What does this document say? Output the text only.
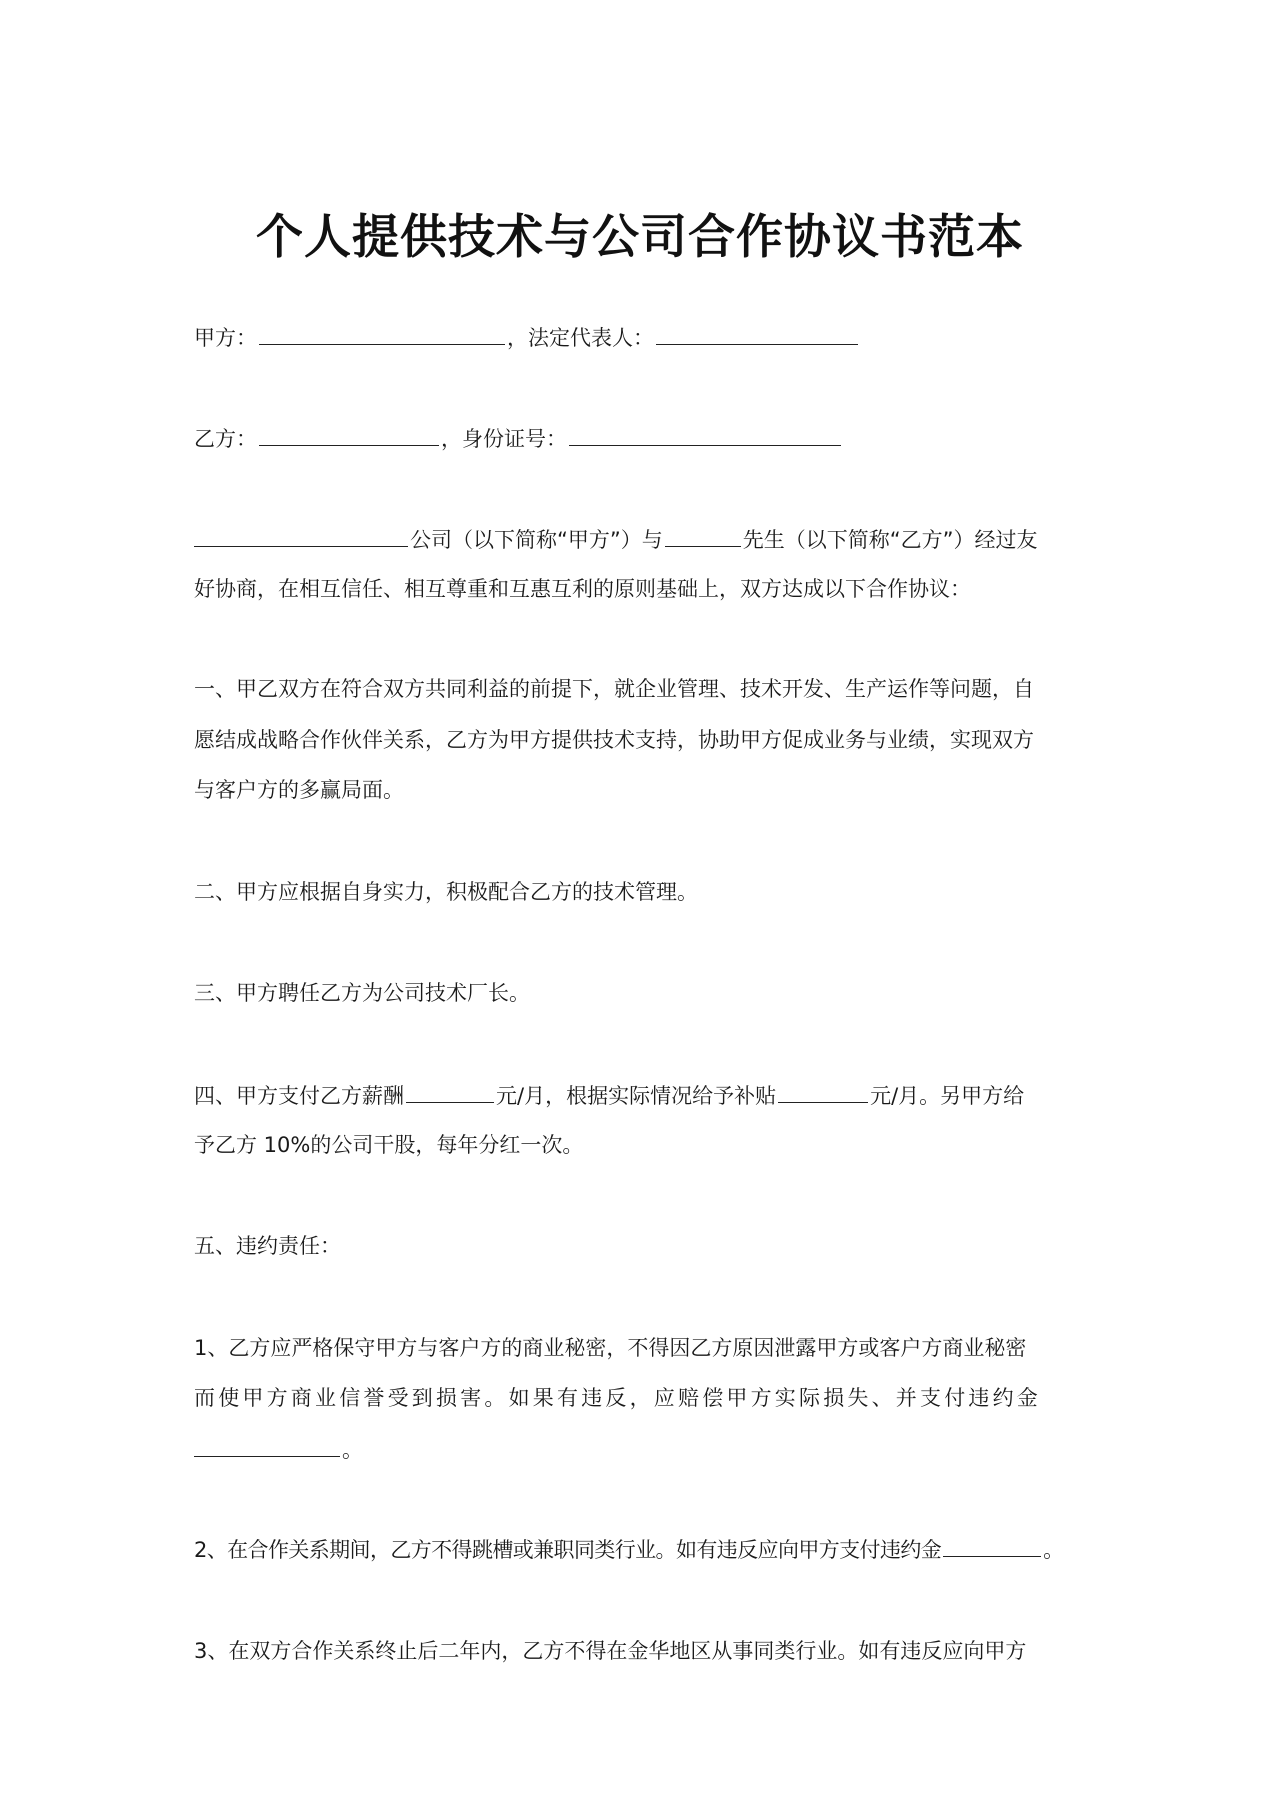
个人提供技术与公司合作协议书范本
甲方：	，法定代表人：
乙方：	，身份证号：
公司（以下简称“甲方”）与	先生（以下简称“乙方”）经过友
好协商，在相互信任、相互尊重和互惠互利的原则基础上，双方达成以下合作协议：
一、甲乙双方在符合双方共同利益的前提下，就企业管理、技术开发、生产运作等问题，自
愿结成战略合作伙伴关系，乙方为甲方提供技术支持，协助甲方促成业务与业绩，实现双方
与客户方的多赢局面。
二、甲方应根据自身实力，积极配合乙方的技术管理。
三、甲方聘任乙方为公司技术厂长。
四、甲方支付乙方薪酬	元/月，根据实际情况给予补贴	元/月。另甲方给
予乙方 10%的公司干股，每年分红一次。
五、违约责任：
1、乙方应严格保守甲方与客户方的商业秘密，不得因乙方原因泄露甲方或客户方商业秘密
而使甲方商业信誉受到损害。如果有违反，应赔偿甲方实际损失、并支付违约金
。
2、在合作关系期间，乙方不得跳槽或兼职同类行业。如有违反应向甲方支付违约金	。
3、在双方合作关系终止后二年内，乙方不得在金华地区从事同类行业。如有违反应向甲方
